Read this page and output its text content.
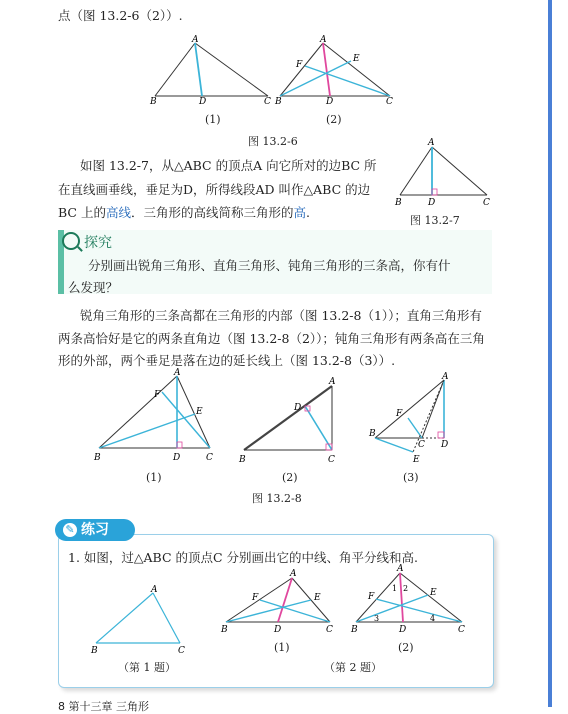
点（图 13.2-6（2））.
A
B	D	C
(1)
A
F
E
B	D	C
(2)
图 13.2-6
如图 13.2-7，从△ABC 的顶点A 向它所对的边BC 所
在直线画垂线，垂足为D，所得线段AD 叫作△ABC 的边
BC 上的高线．三角形的高线简称三角形的高.
A
B	D	C
图 13.2-7
探究
分别画出锐角三角形、直角三角形、钝角三角形的三条高，你有什
么发现？
锐角三角形的三条高都在三角形的内部（图 13.2-8（1））；直角三角形有
两条高恰好是它的两条直角边（图 13.2-8（2））；钝角三角形有两条高在三角
形的外部，两个垂足是落在边的延长线上（图 13.2-8（3））.
A
F
E
B	D	C
(1)
A
D
B	C
(2)
A
F
B
C D
E
(3)
图 13.2-8
✎ 练习
1. 如图，过△ABC 的顶点C 分别画出它的中线、角平分线和高.
A
B	C
（第 1 题）
A
F	E
B	D	C
(1)
A
1 2
F	E
3	4
B	D	C
(2)
（第 2 题）
8 第十三章 三角形
